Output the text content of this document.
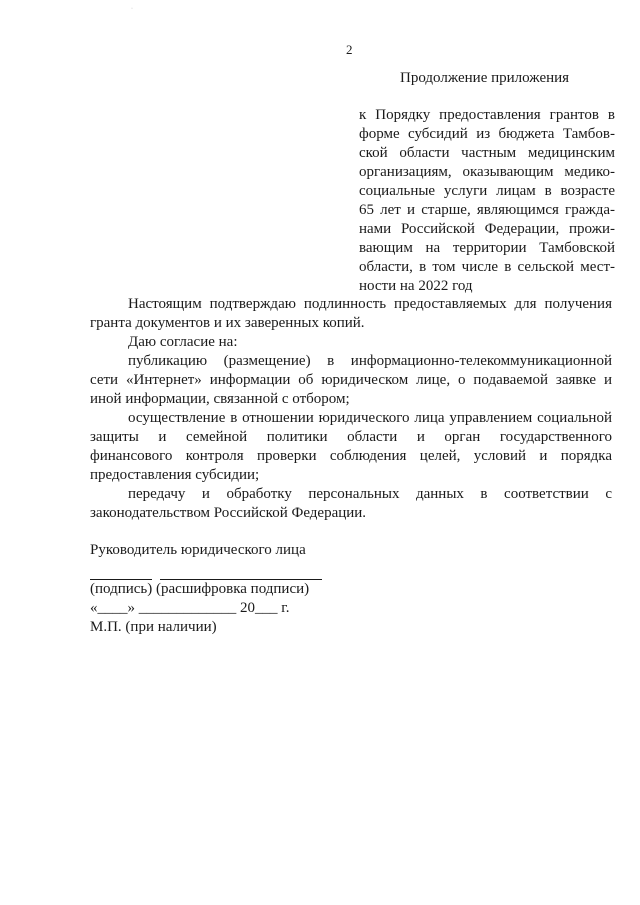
·
2
Продолжение приложения
к Порядку предоставления грантов в
форме субсидий из бюджета Тамбов-
ской области частным медицинским
организациям, оказывающим медико-
социальные услуги лицам в возрасте
65 лет и старше, являющимся гражда-
нами Российской Федерации, прожи-
вающим на территории Тамбовской
области, в том числе в сельской мест-
ности на 2022 год
Настоящим подтверждаю подлинность предоставляемых для получения
гранта документов и их заверенных копий.
Даю согласие на:
публикацию (размещение) в информационно-телекоммуникационной
сети «Интернет» информации об юридическом лице, о подаваемой заявке и
иной информации, связанной с отбором;
осуществление в отношении юридического лица управлением социальной
защиты и семейной политики области и орган государственного
финансового контроля проверки соблюдения целей, условий и порядка
предоставления субсидии;
передачу и обработку персональных данных в соответствии с
законодательством Российской Федерации.
Руководитель юридического лица

(подпись) (расшифровка подписи)
«____» _____________ 20___ г.
М.П. (при наличии)
